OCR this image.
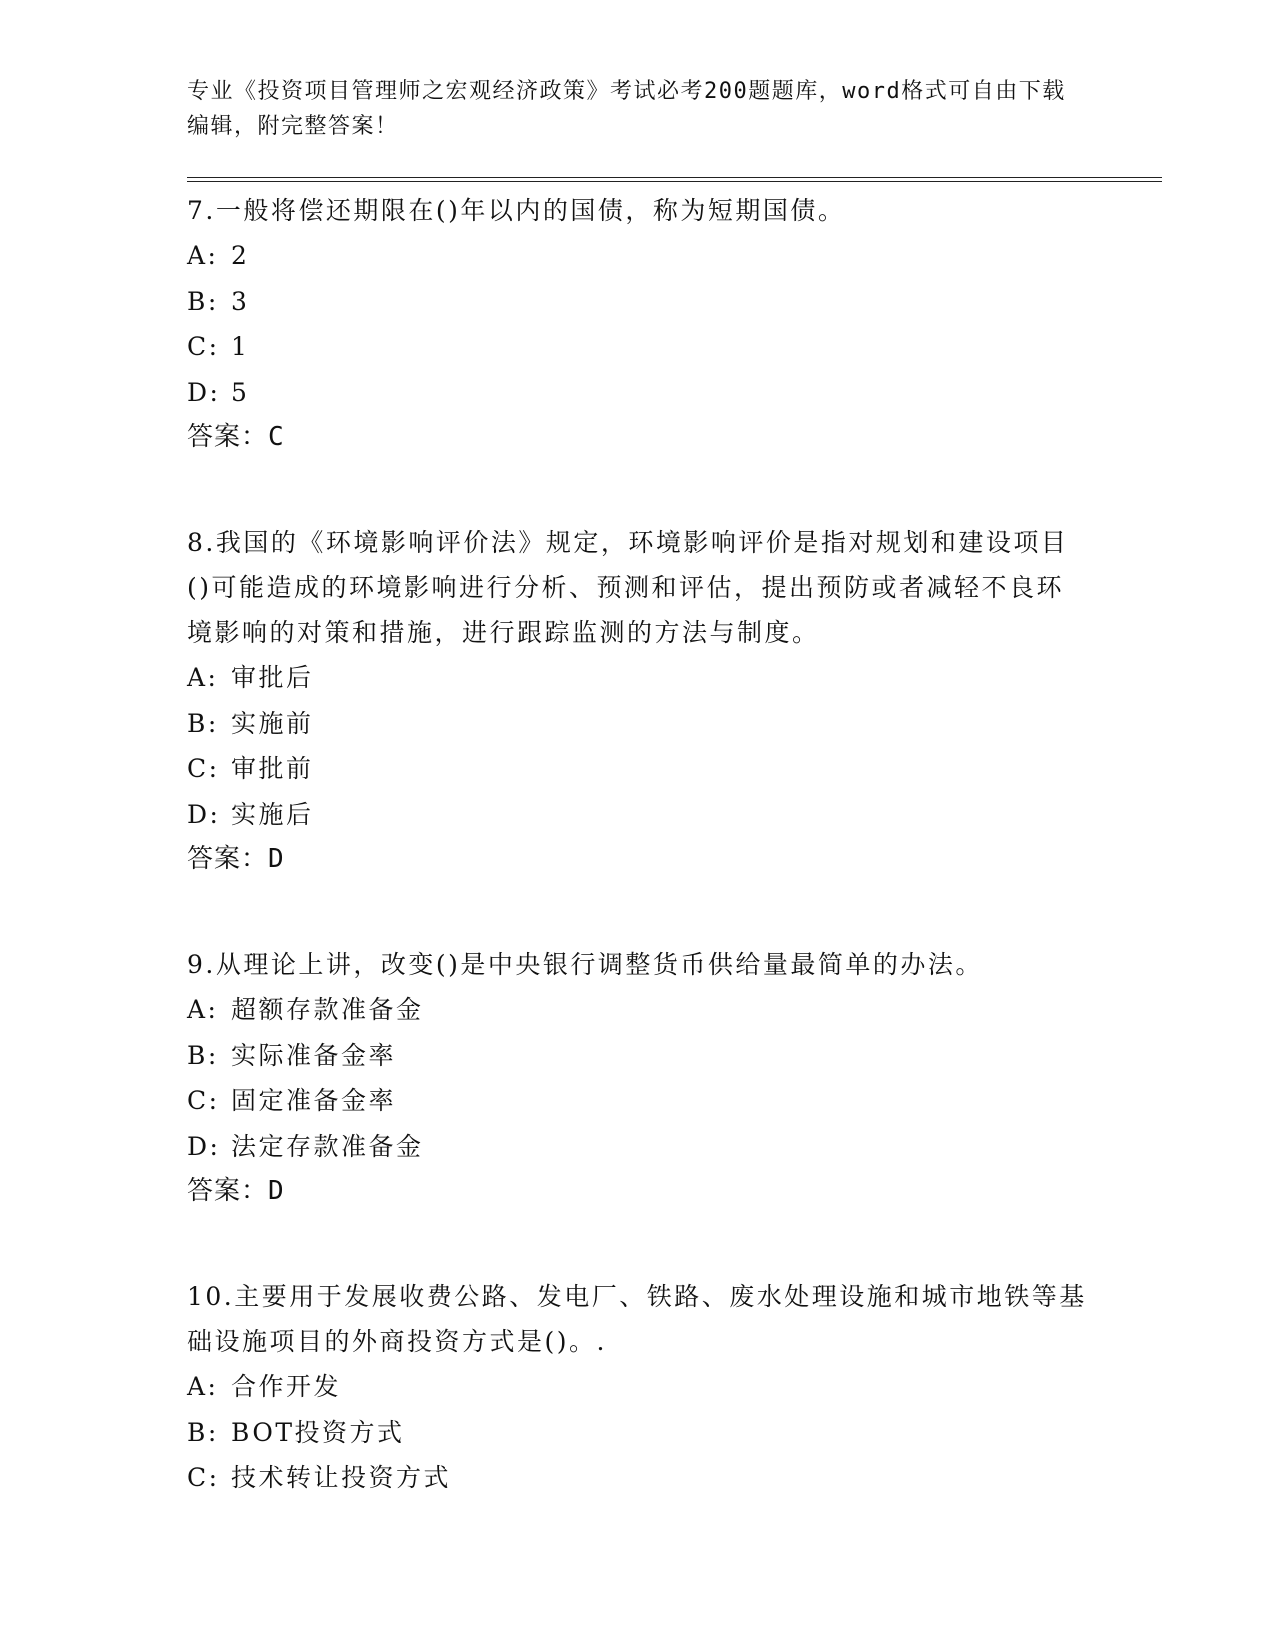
专业《投资项目管理师之宏观经济政策》考试必考200题题库，word格式可自由下载编辑，附完整答案！
7.一般将偿还期限在()年以内的国债，称为短期国债。
A: 2
B: 3
C: 1
D: 5
答案：C
8.我国的《环境影响评价法》规定，环境影响评价是指对规划和建设项目()可能造成的环境影响进行分析、预测和评估，提出预防或者减轻不良环境影响的对策和措施，进行跟踪监测的方法与制度。
A: 审批后
B: 实施前
C: 审批前
D: 实施后
答案：D
9.从理论上讲，改变()是中央银行调整货币供给量最简单的办法。
A: 超额存款准备金
B: 实际准备金率
C: 固定准备金率
D: 法定存款准备金
答案：D
10.主要用于发展收费公路、发电厂、铁路、废水处理设施和城市地铁等基础设施项目的外商投资方式是()。.
A: 合作开发
B: BOT投资方式
C: 技术转让投资方式
